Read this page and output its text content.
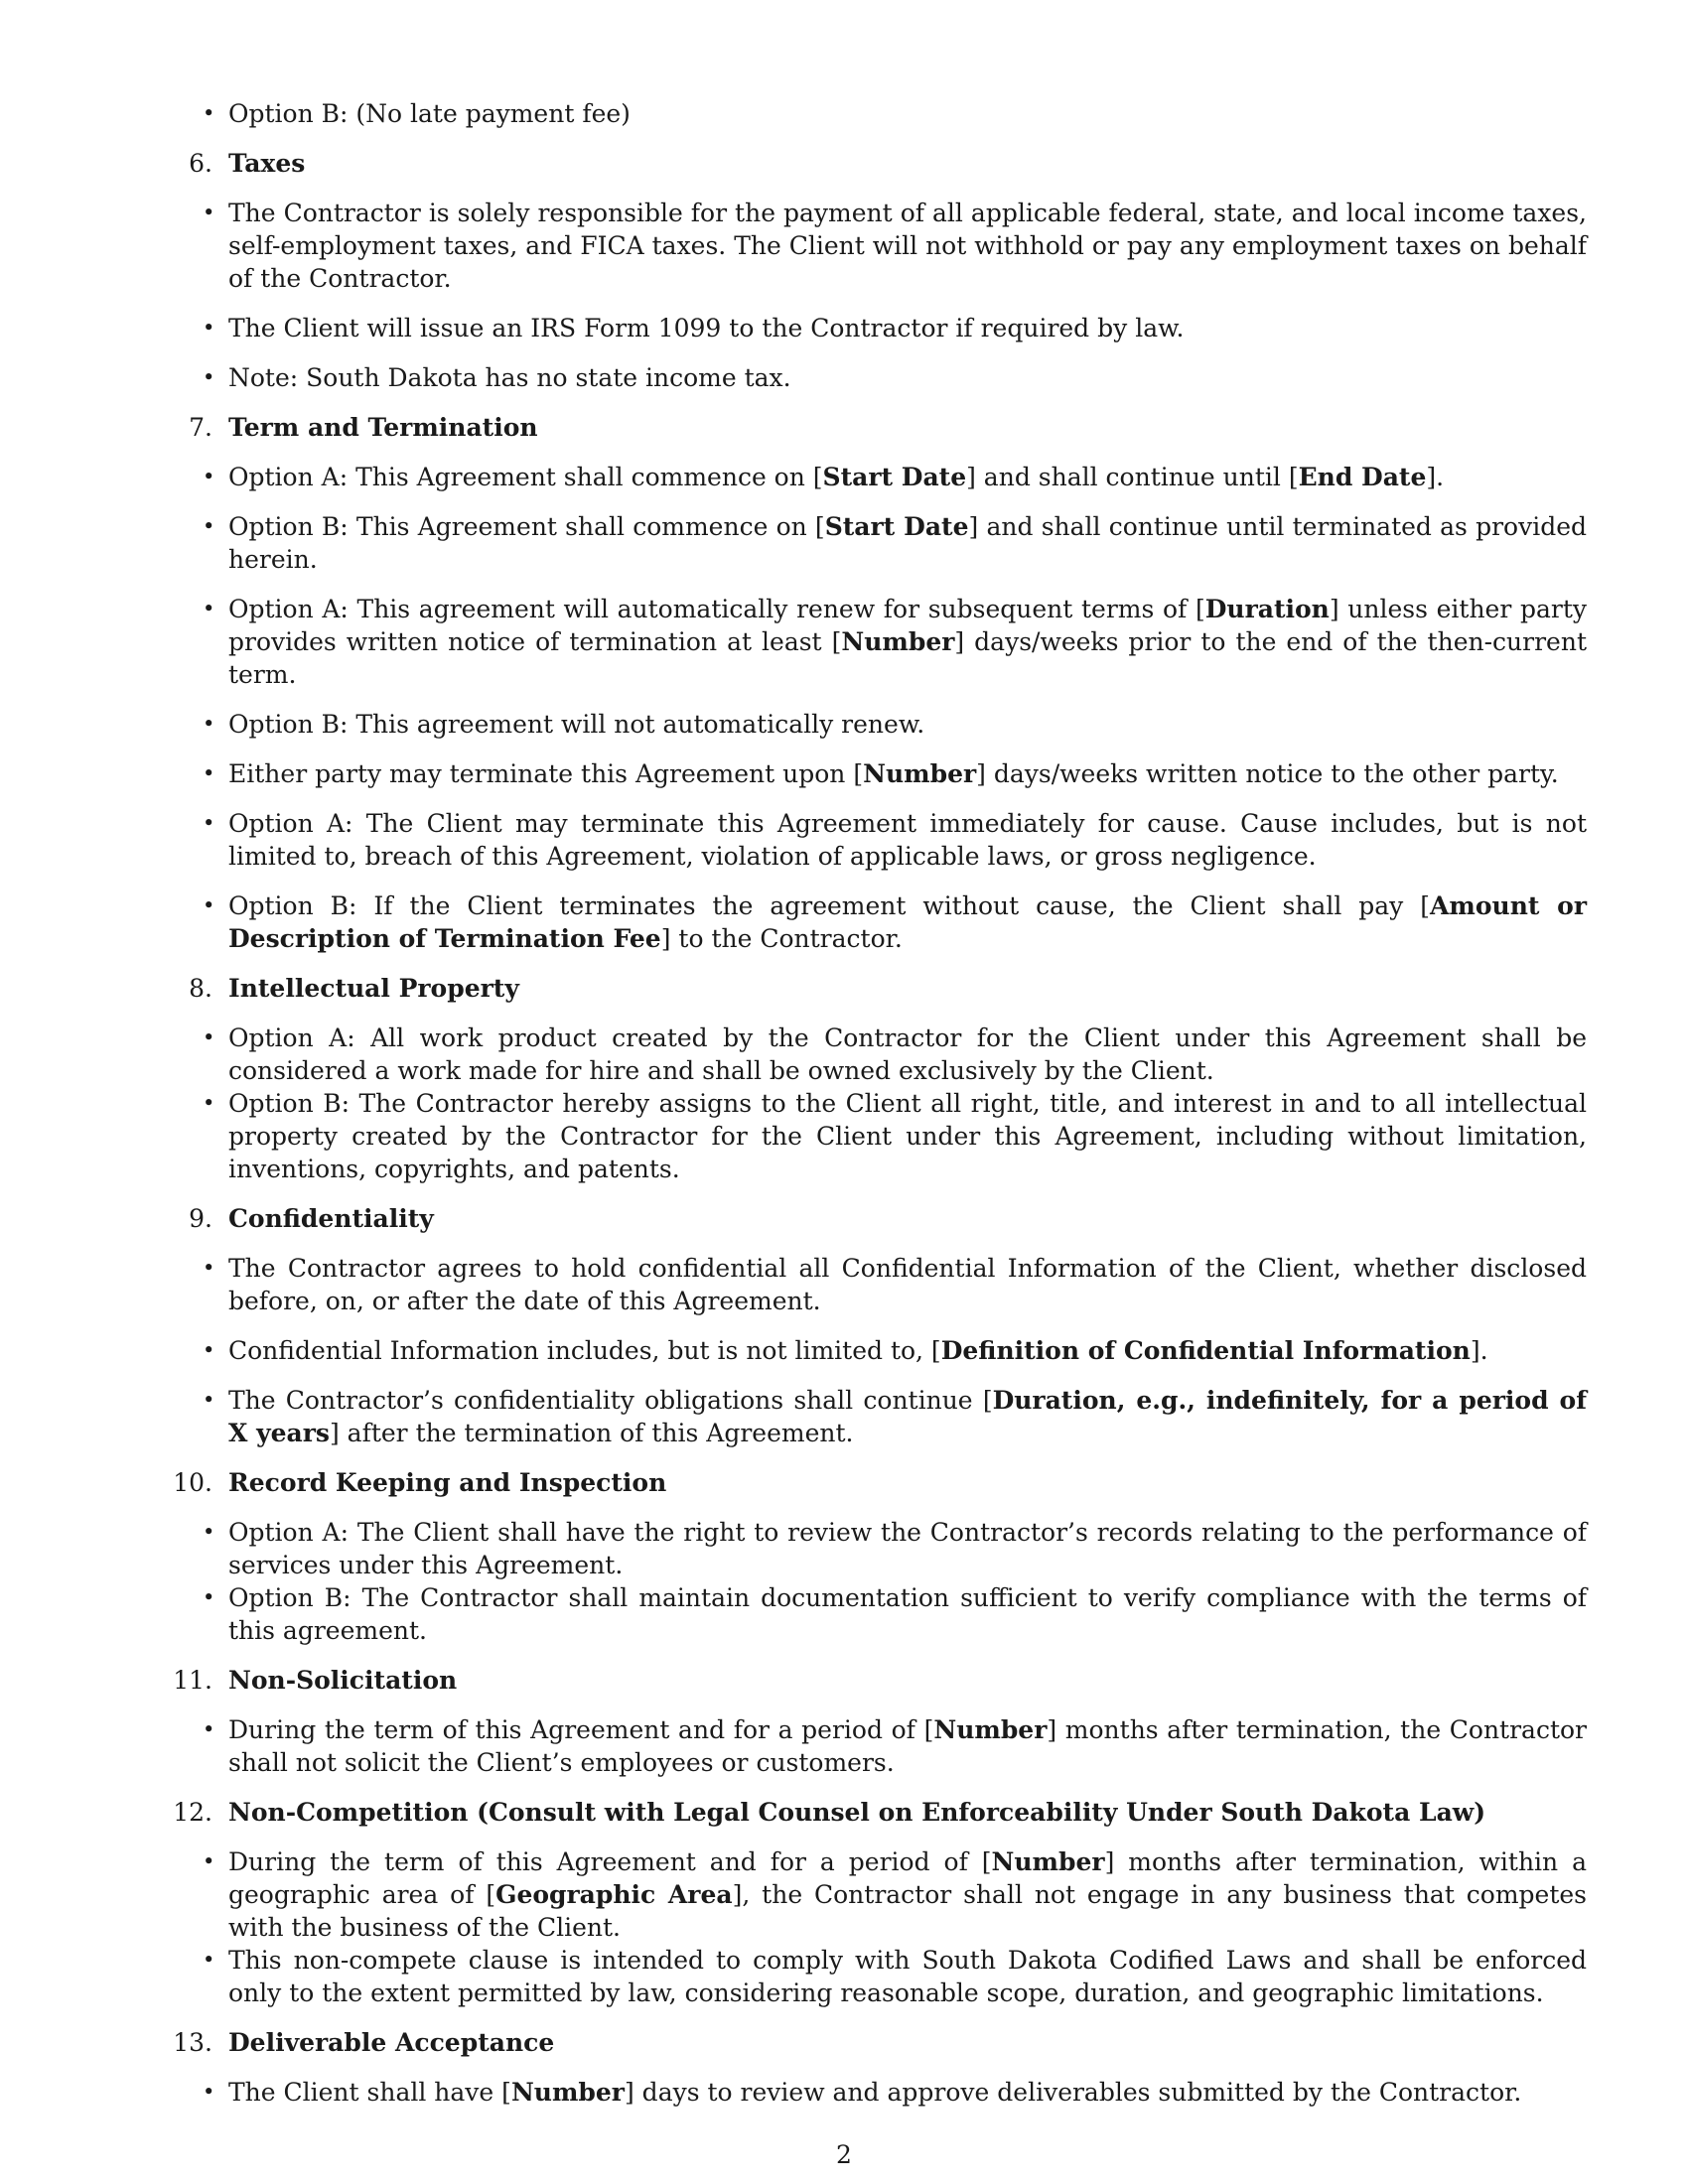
• Option B: (No late payment fee)
6. Taxes
• The Contractor is solely responsible for the payment of all applicable federal, state, and local income taxes, self-employment taxes, and FICA taxes. The Client will not withhold or pay any employment taxes on behalf of the Contractor.
• The Client will issue an IRS Form 1099 to the Contractor if required by law.
• Note: South Dakota has no state income tax.
7. Term and Termination
• Option A: This Agreement shall commence on [Start Date] and shall continue until [End Date].
• Option B: This Agreement shall commence on [Start Date] and shall continue until terminated as provided herein.
• Option A: This agreement will automatically renew for subsequent terms of [Duration] unless either party provides written notice of termination at least [Number] days/weeks prior to the end of the then-current term.
• Option B: This agreement will not automatically renew.
• Either party may terminate this Agreement upon [Number] days/weeks written notice to the other party.
• Option A: The Client may terminate this Agreement immediately for cause. Cause includes, but is not limited to, breach of this Agreement, violation of applicable laws, or gross negligence.
• Option B: If the Client terminates the agreement without cause, the Client shall pay [Amount or Description of Termination Fee] to the Contractor.
8. Intellectual Property
• Option A: All work product created by the Contractor for the Client under this Agreement shall be considered a work made for hire and shall be owned exclusively by the Client.
• Option B: The Contractor hereby assigns to the Client all right, title, and interest in and to all intellectual property created by the Contractor for the Client under this Agreement, including without limitation, inventions, copyrights, and patents.
9. Confidentiality
• The Contractor agrees to hold confidential all Confidential Information of the Client, whether disclosed before, on, or after the date of this Agreement.
• Confidential Information includes, but is not limited to, [Definition of Confidential Information].
• The Contractor’s confidentiality obligations shall continue [Duration, e.g., indefinitely, for a period of X years] after the termination of this Agreement.
10. Record Keeping and Inspection
• Option A: The Client shall have the right to review the Contractor’s records relating to the performance of services under this Agreement.
• Option B: The Contractor shall maintain documentation sufficient to verify compliance with the terms of this agreement.
11. Non-Solicitation
• During the term of this Agreement and for a period of [Number] months after termination, the Contractor shall not solicit the Client’s employees or customers.
12. Non-Competition (Consult with Legal Counsel on Enforceability Under South Dakota Law)
• During the term of this Agreement and for a period of [Number] months after termination, within a geographic area of [Geographic Area], the Contractor shall not engage in any business that competes with the business of the Client.
• This non-compete clause is intended to comply with South Dakota Codified Laws and shall be enforced only to the extent permitted by law, considering reasonable scope, duration, and geographic limitations.
13. Deliverable Acceptance
• The Client shall have [Number] days to review and approve deliverables submitted by the Contractor.
2
